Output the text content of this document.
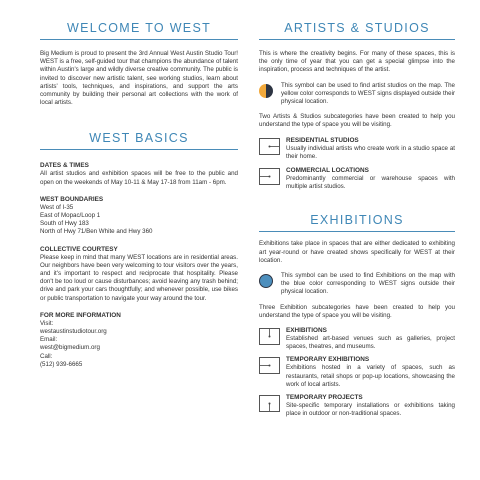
WELCOME TO WEST

Big Medium is proud to present the 3rd Annual West Austin Studio Tour! WEST is a free, self-guided tour that champions the abundance of talent within Austin's large and wildly diverse creative community. The public is invited to discover new artistic talent, see working studios, learn about artists' tools, techniques, and inspirations, and support the arts community by building their personal art collections with the work of local artists.

WEST BASICS
DATES & TIMES

All artist studios and exhibition spaces will be free to the public and open on the weekends of May 10-11 & May 17-18 from 11am - 6pm.

WEST BOUNDARIES
West of I-35
East of Mopac/Loop 1
South of Hwy 183
North of Hwy 71/Ben White and Hwy 360
COLLECTIVE COURTESY

Please keep in mind that many WEST locations are in residential areas. Our neighbors have been very welcoming to tour visitors over the years, and it's important to respect and reciprocate that hospitality. Please don't be too loud or cause disturbances; avoid leaving any trash behind; drive and park your cars thoughtfully; and whenever possible, use bikes or public transportation to navigate your way around the tour.

FOR MORE INFORMATION
Visit:
westaustinstudiotour.org
Email:
west@bigmedium.org
Call:
(512) 939-6665
ARTISTS & STUDIOS

This is where the creativity begins. For many of these spaces, this is the only time of year that you can get a special glimpse into the inspiration, process and techniques of the artist.

This symbol can be used to find artist studios on the map. The yellow color corresponds to WEST signs displayed outside their physical location.

Two Artists & Studios subcategories have been created to help you understand the type of space you will be visiting.

RESIDENTIAL STUDIOS

Usually individual artists who create work in a studio space at their home.

COMMERCIAL LOCATIONS

Predominantly commercial or warehouse spaces with multiple artist studios.

EXHIBITIONS

Exhibitions take place in spaces that are either dedicated to exhibiting art year-round or have created shows specifically for WEST at their location.

This symbol can be used to find Exhibitions on the map with the blue color corresponding to WEST signs outside their physical location.

Three Exhibition subcategories have been created to help you understand the type of space you will be visiting.

EXHIBITIONS

Established art-based venues such as galleries, project spaces, theatres, and museums.

TEMPORARY EXHIBITIONS

Exhibitions hosted in a variety of spaces, such as restaurants, retail shops or pop-up locations, showcasing the work of local artists.

TEMPORARY PROJECTS

Site-specific temporary installations or exhibitions taking place in outdoor or non-traditional spaces.
